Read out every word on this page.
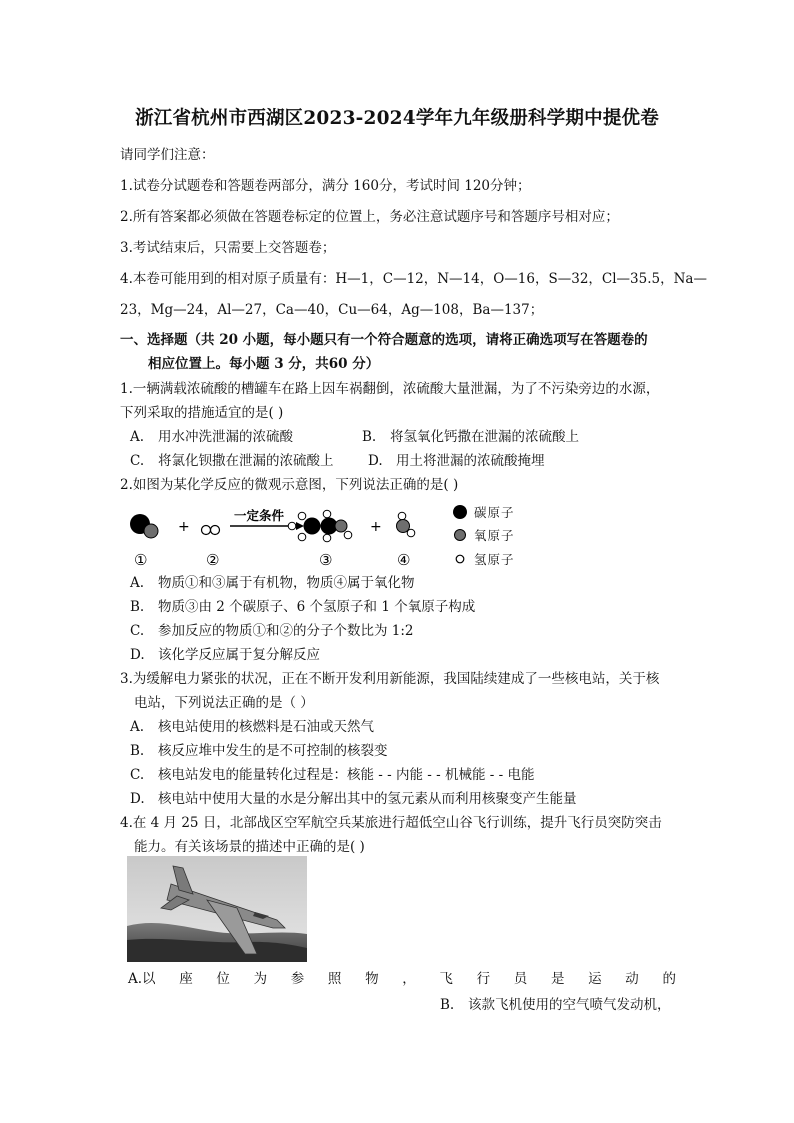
浙江省杭州市西湖区2023-2024学年九年级册科学期中提优卷
请同学们注意：
1.试卷分试题卷和答题卷两部分，满分 160分，考试时间 120分钟；
2.所有答案都必须做在答题卷标定的位置上，务必注意试题序号和答题序号相对应；
3.考试结束后，只需要上交答题卷；
4.本卷可能用到的相对原子质量有：H—1，C—12，N—14，O—16，S—32，Cl—35.5，Na—
23，Mg—24，Al—27，Ca—40，Cu—64，Ag—108，Ba—137；
一、选择题（共 20 小题，每小题只有一个符合题意的选项，请将正确选项写在答题卷的
相应位置上。每小题 3 分，共60 分）
1.一辆满载浓硫酸的槽罐车在路上因车祸翻倒，浓硫酸大量泄漏，为了不污染旁边的水源，
下列采取的措施适宜的是( )
A. 用水冲洗泄漏的浓硫酸	B. 将氢氧化钙撒在泄漏的浓硫酸上
C. 将氯化钡撒在泄漏的浓硫酸上	D. 用土将泄漏的浓硫酸掩埋
2.如图为某化学反应的微观示意图，下列说法正确的是( )
+
一定条件
+
①	②	③	④
碳原子
氧原子
氢原子
A. 物质①和③属于有机物，物质④属于氧化物
B. 物质③由 2 个碳原子、6 个氢原子和 1 个氧原子构成
C. 参加反应的物质①和②的分子个数比为 1:2
D. 该化学反应属于复分解反应
3.为缓解电力紧张的状况，正在不断开发利用新能源，我国陆续建成了一些核电站，关于核
电站，下列说法正确的是（ ）
A. 核电站使用的核燃料是石油或天然气
B. 核反应堆中发生的是不可控制的核裂变
C. 核电站发电的能量转化过程是：核能 - - 内能 - - 机械能 - - 电能
D. 核电站中使用大量的水是分解出其中的氢元素从而利用核聚变产生能量
4.在 4 月 25 日，北部战区空军航空兵某旅进行超低空山谷飞行训练，提升飞行员突防突击
能力。有关该场景的描述中正确的是( )
A.以 座 位 为 参 照 物 ， 飞 行 员 是 运 动 的
B. 该款飞机使用的空气喷气发动机，
